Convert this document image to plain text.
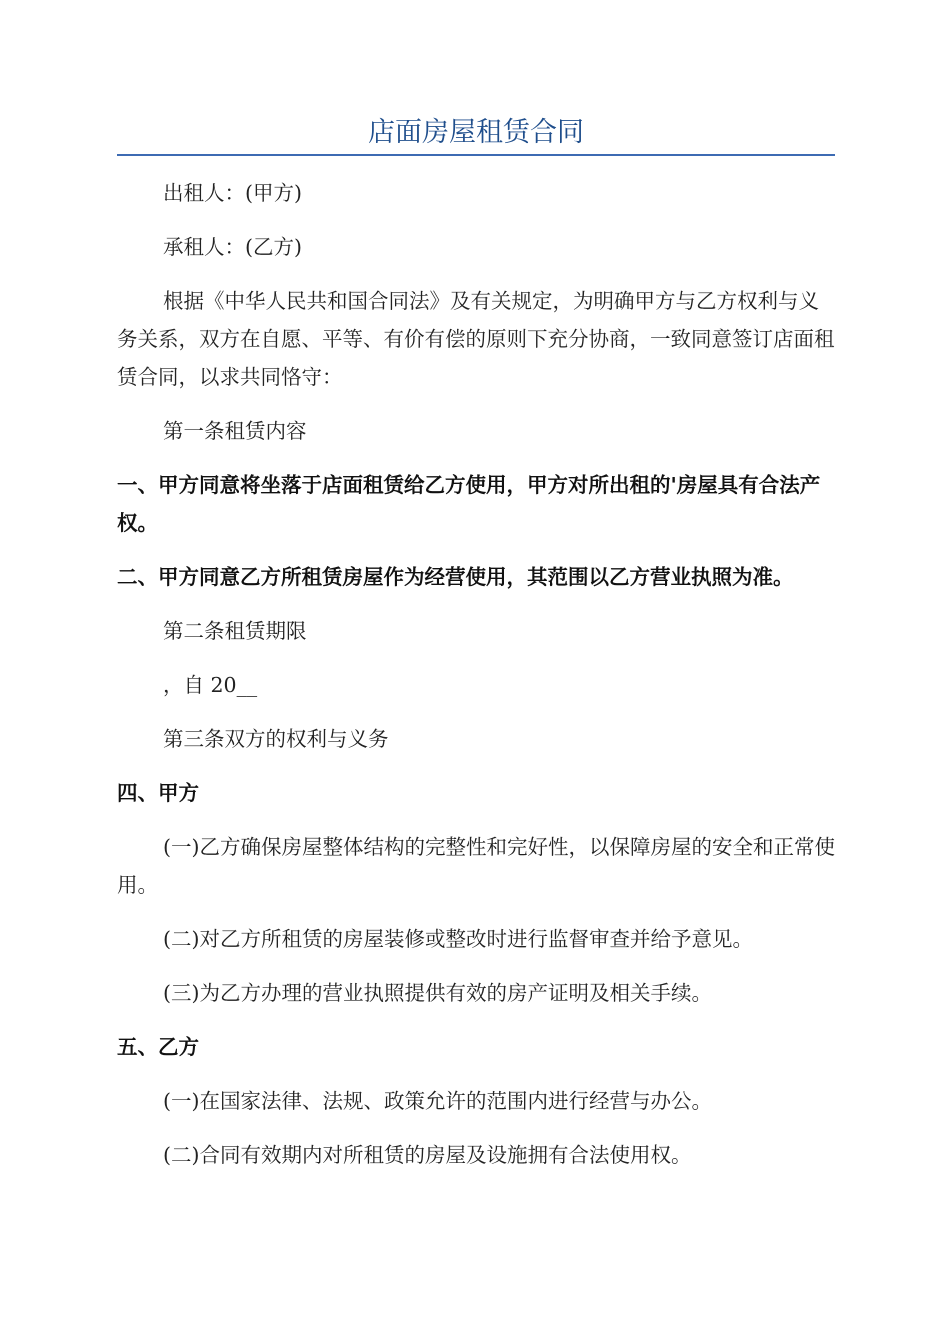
店面房屋租赁合同

出租人：(甲方)

承租人：(乙方)

根据《中华人民共和国合同法》及有关规定，为明确甲方与乙方权利与义务关系，双方在自愿、平等、有价有偿的原则下充分协商，一致同意签订店面租赁合同，以求共同恪守：

第一条租赁内容

一、甲方同意将坐落于店面租赁给乙方使用，甲方对所出租的'房屋具有合法产权。

二、甲方同意乙方所租赁房屋作为经营使用，其范围以乙方营业执照为准。

第二条租赁期限

，自 20__

第三条双方的权利与义务

四、甲方

(一)乙方确保房屋整体结构的完整性和完好性，以保障房屋的安全和正常使用。

(二)对乙方所租赁的房屋装修或整改时进行监督审查并给予意见。

(三)为乙方办理的营业执照提供有效的房产证明及相关手续。

五、乙方

(一)在国家法律、法规、政策允许的范围内进行经营与办公。

(二)合同有效期内对所租赁的房屋及设施拥有合法使用权。
